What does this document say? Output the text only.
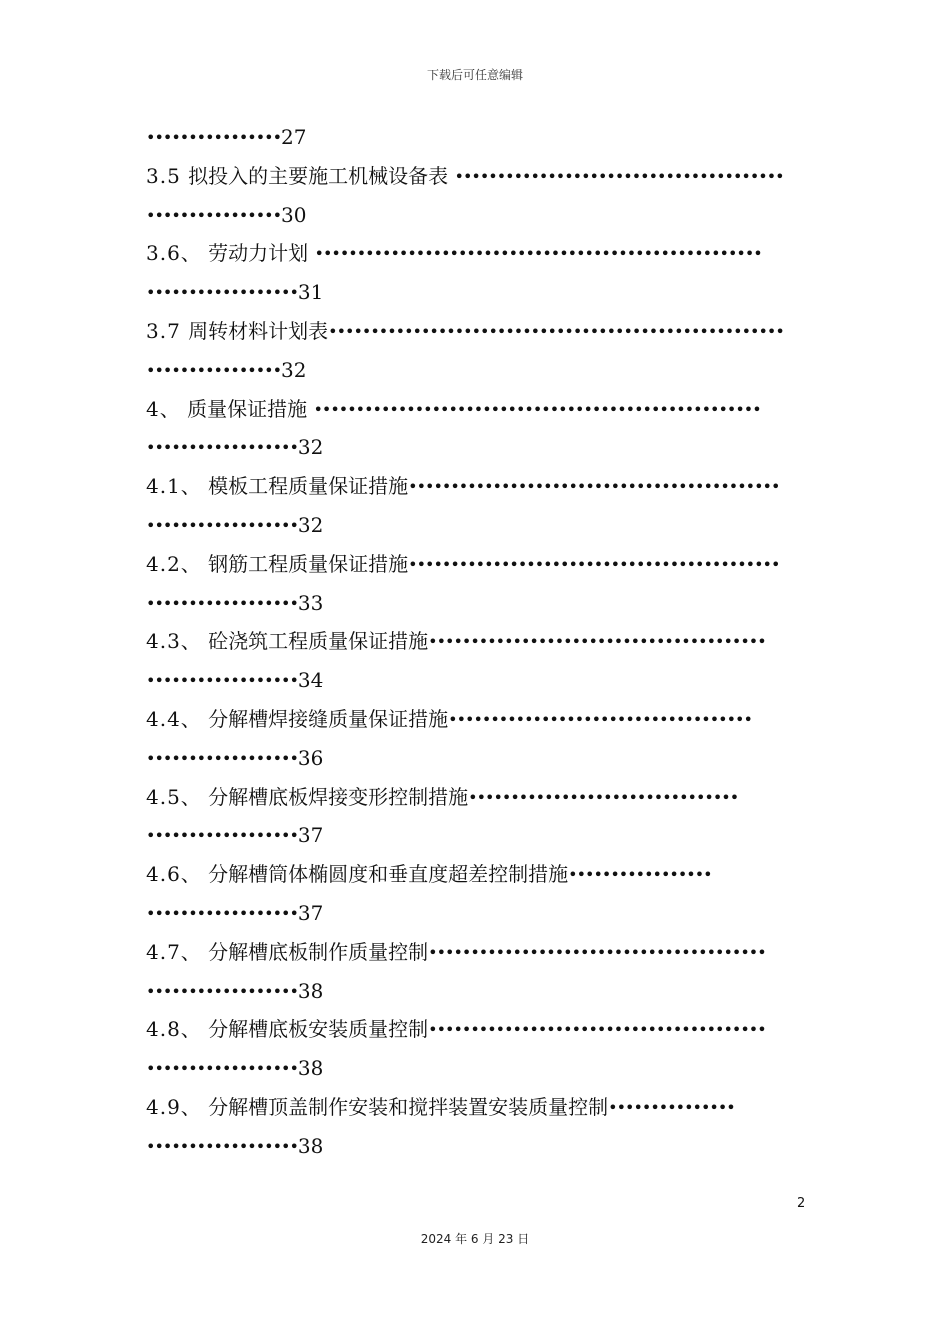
下载后可任意编辑
••••••••••••••••27
3.5 拟投入的主要施工机械设备表 •••••••••••••••••••••••••••••••••••••••
••••••••••••••••30
3.6、 劳动力计划 •••••••••••••••••••••••••••••••••••••••••••••••••••••
••••••••••••••••••31
3.7 周转材料计划表••••••••••••••••••••••••••••••••••••••••••••••••••••••
••••••••••••••••32
4、 质量保证措施 •••••••••••••••••••••••••••••••••••••••••••••••••••••
••••••••••••••••••32
4.1、 模板工程质量保证措施••••••••••••••••••••••••••••••••••••••••••••
••••••••••••••••••32
4.2、 钢筋工程质量保证措施••••••••••••••••••••••••••••••••••••••••••••
••••••••••••••••••33
4.3、 砼浇筑工程质量保证措施••••••••••••••••••••••••••••••••••••••••
••••••••••••••••••34
4.4、 分解槽焊接缝质量保证措施••••••••••••••••••••••••••••••••••••
••••••••••••••••••36
4.5、 分解槽底板焊接变形控制措施••••••••••••••••••••••••••••••••
••••••••••••••••••37
4.6、 分解槽筒体椭圆度和垂直度超差控制措施•••••••••••••••••
••••••••••••••••••37
4.7、 分解槽底板制作质量控制••••••••••••••••••••••••••••••••••••••••
••••••••••••••••••38
4.8、 分解槽底板安装质量控制••••••••••••••••••••••••••••••••••••••••
••••••••••••••••••38
4.9、 分解槽顶盖制作安装和搅拌装置安装质量控制•••••••••••••••
••••••••••••••••••38
2
2024 年 6 月 23 日
